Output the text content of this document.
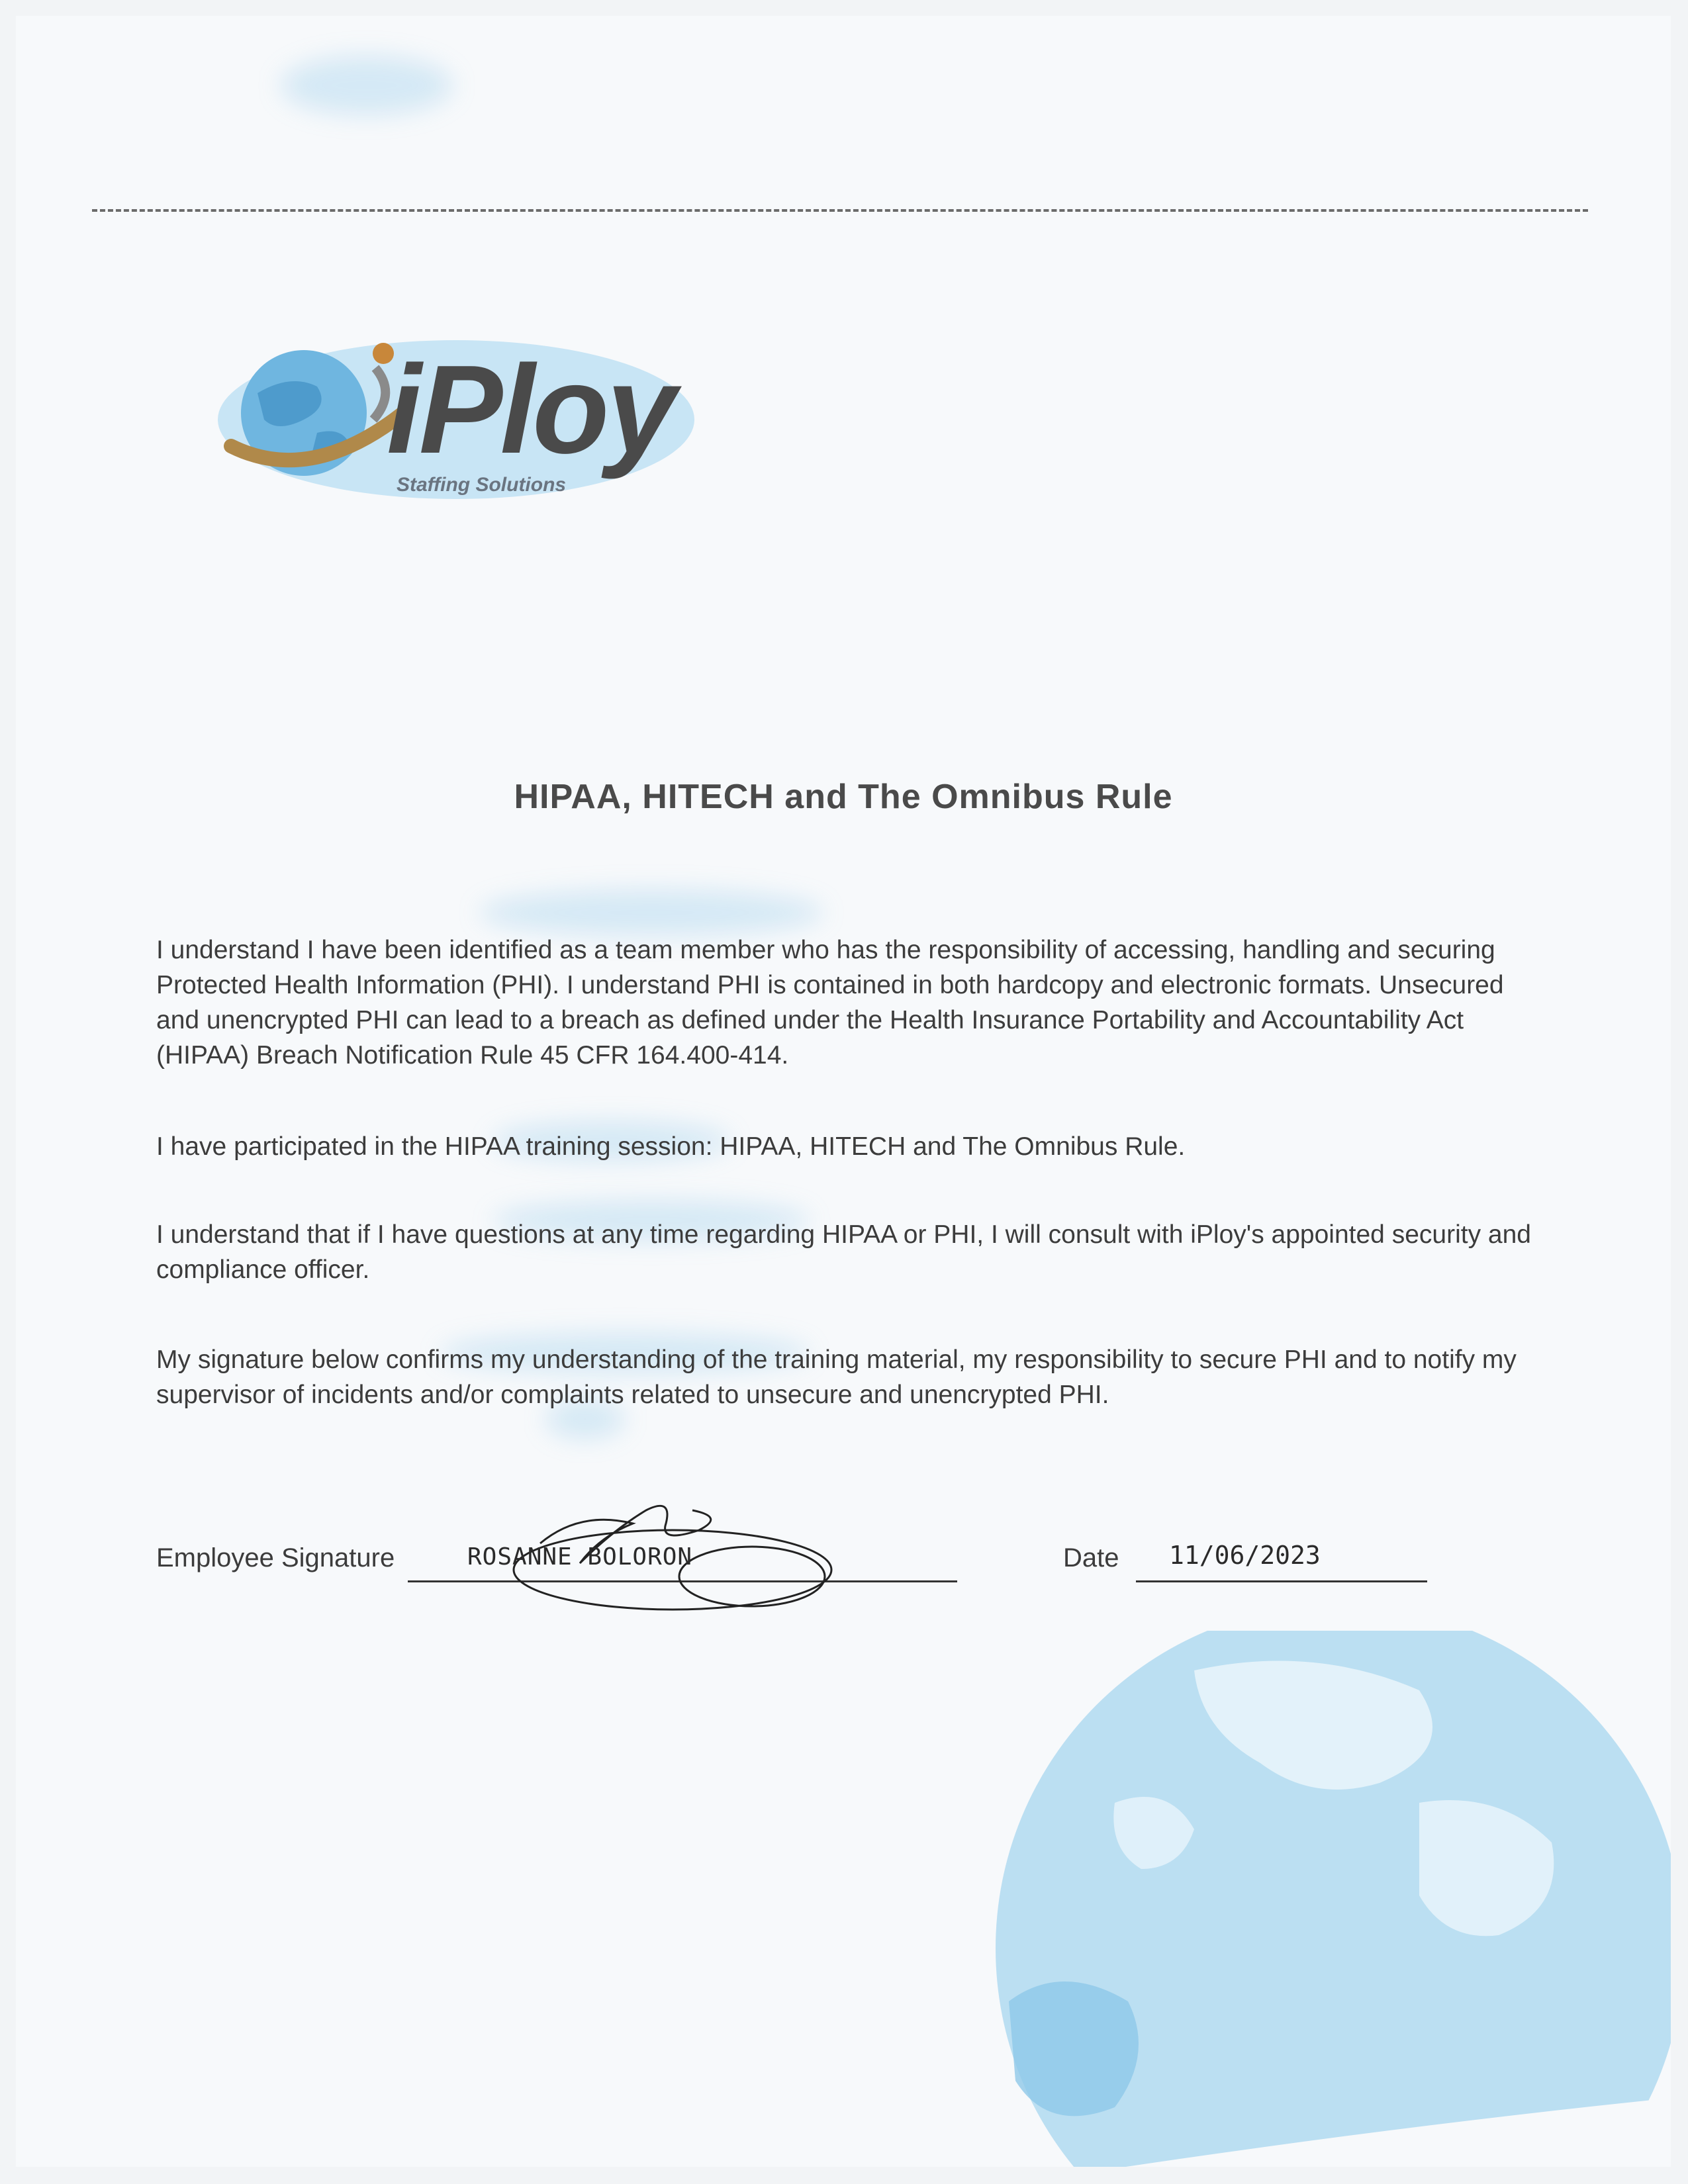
iPloy
Staffing Solutions
HIPAA, HITECH and The Omnibus Rule

I understand I have been identified as a team member who has the responsibility of accessing, handling and securing
Protected Health Information (PHI). I understand PHI is contained in both hardcopy and electronic formats. Unsecured
and unencrypted PHI can lead to a breach as defined under the Health Insurance Portability and Accountability Act
(HIPAA) Breach Notification Rule 45 CFR 164.400-414.

I have participated in the HIPAA training session: HIPAA, HITECH and The Omnibus Rule.

I understand that if I have questions at any time regarding HIPAA or PHI, I will consult with iPloy's appointed security and
compliance officer.

My signature below confirms my understanding of the training material, my responsibility to secure PHI and to notify my
supervisor of incidents and/or complaints related to unsecure and unencrypted PHI.

Employee Signature	ROSANNE BOLORON	Date 11/06/2023
